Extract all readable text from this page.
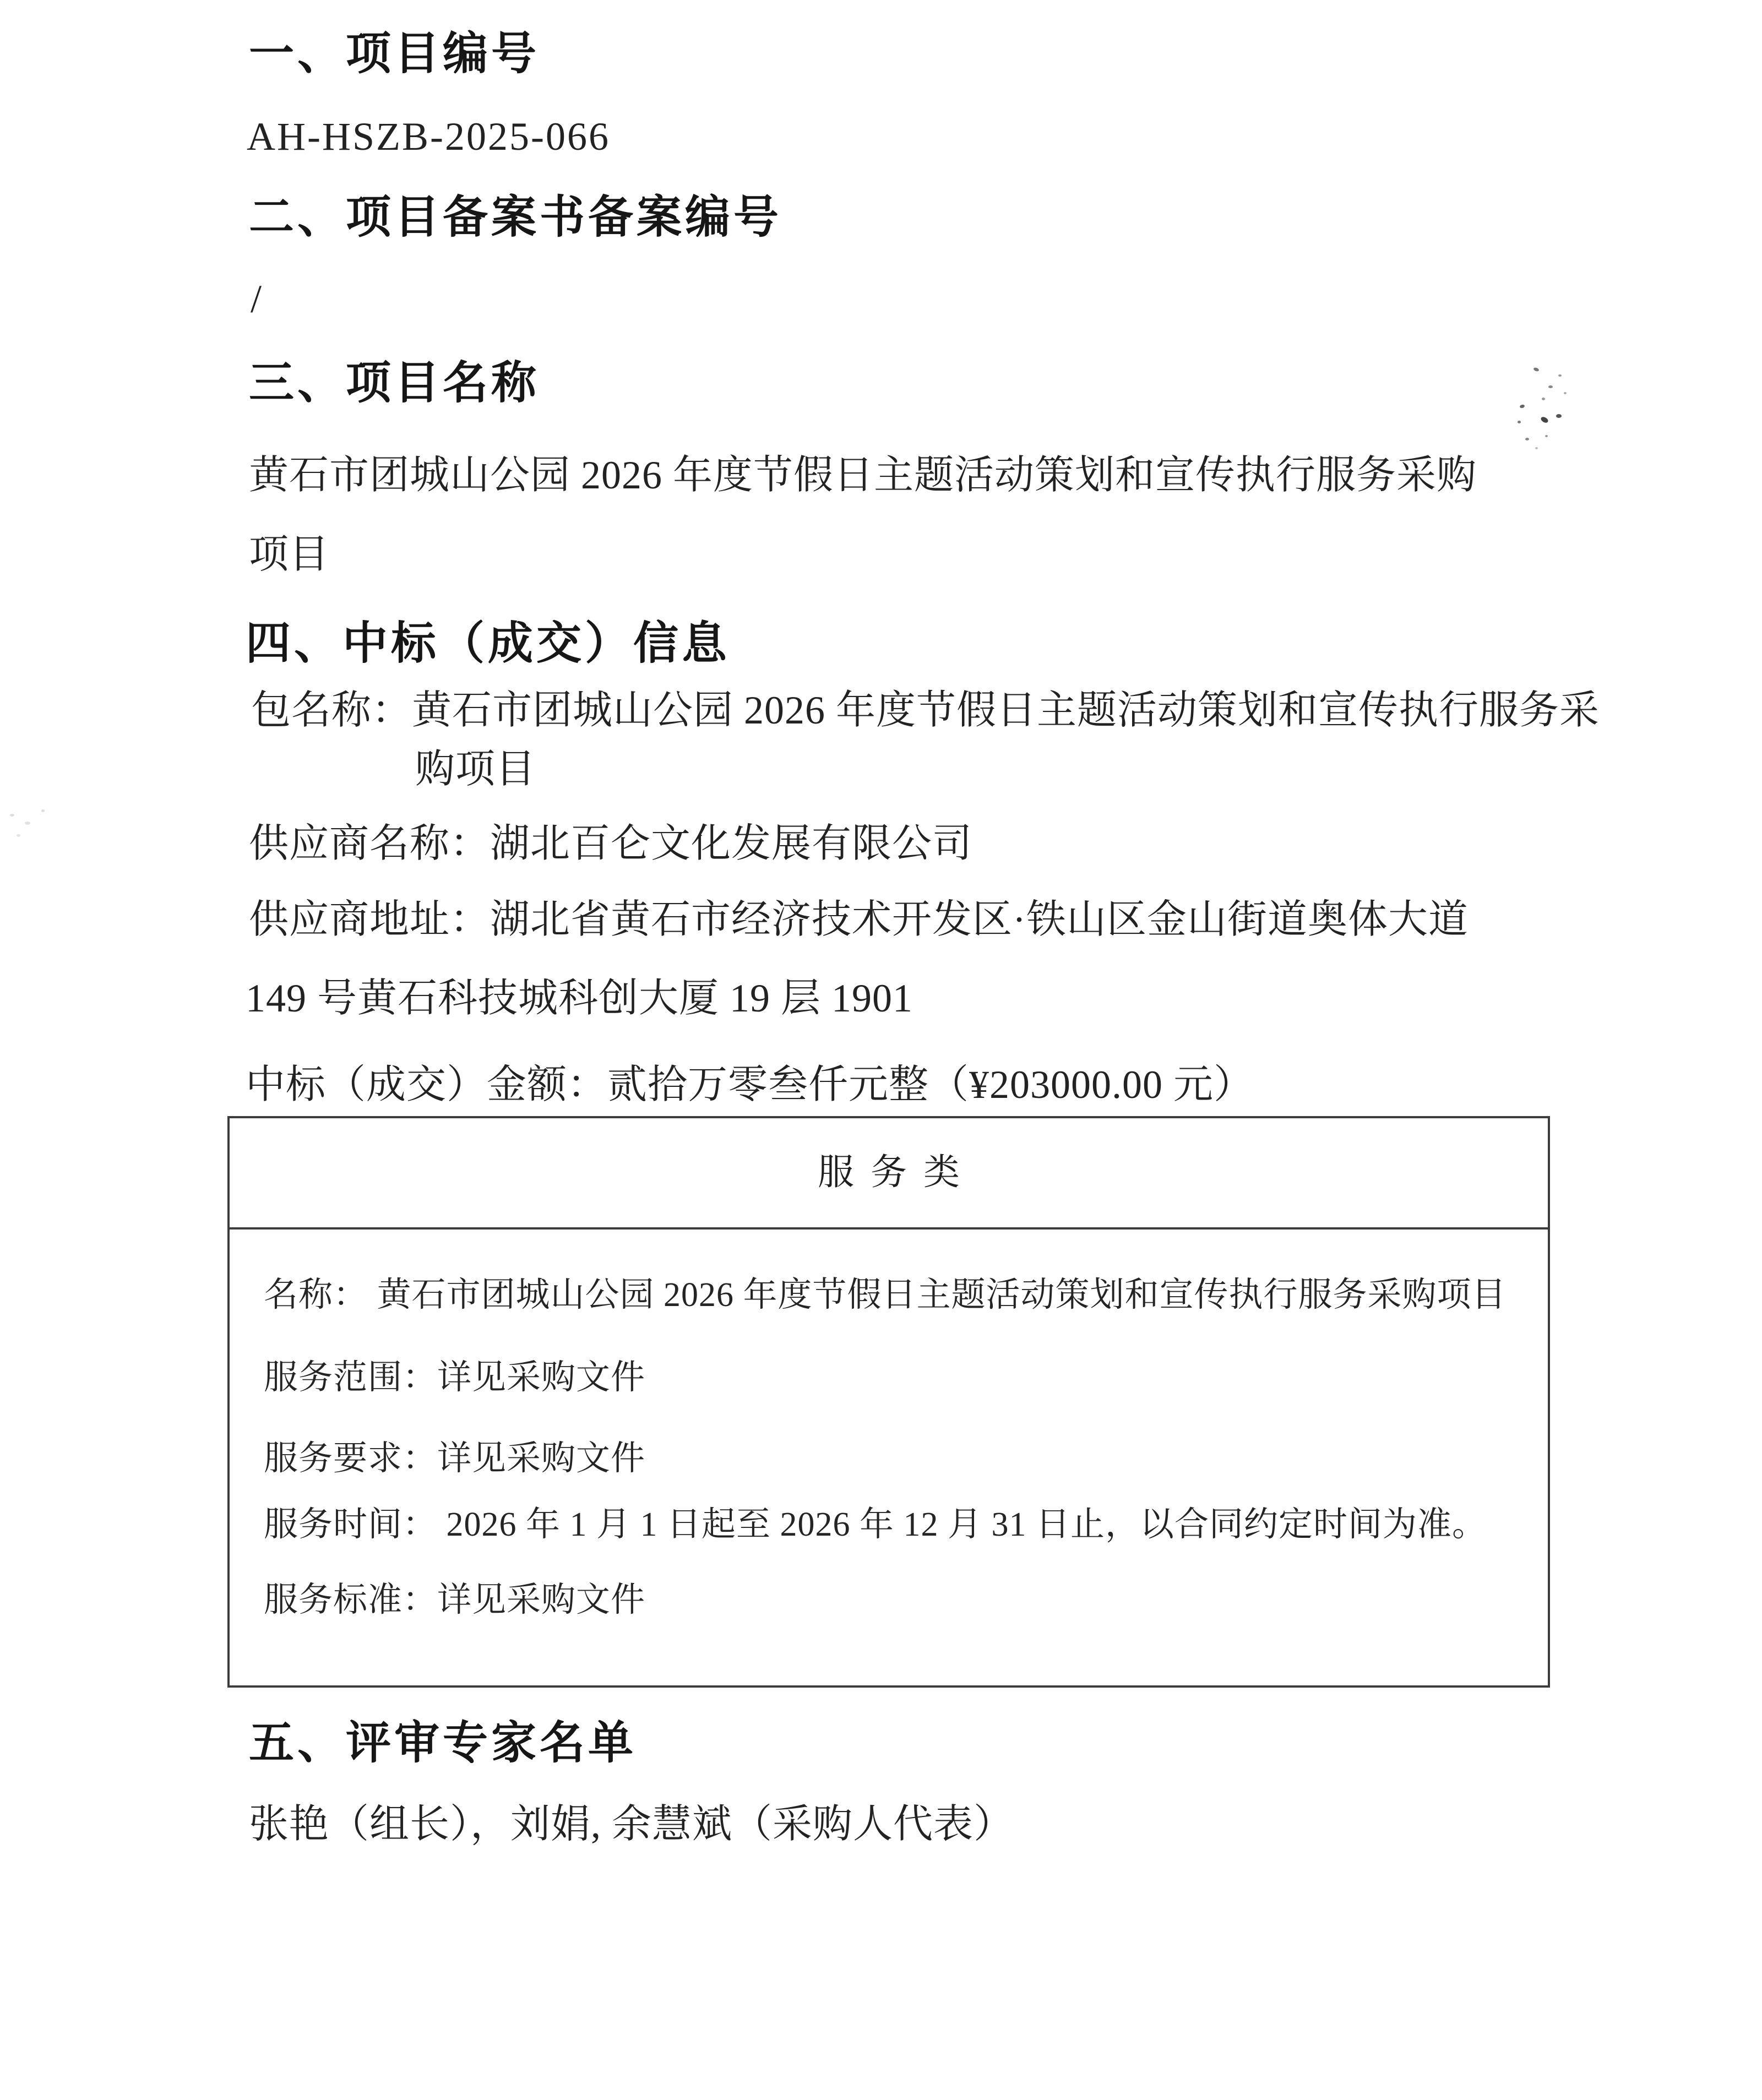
一、项目编号
AH-HSZB-2025-066
二、项目备案书备案编号
/
三、项目名称
黄石市团城山公园 2026 年度节假日主题活动策划和宣传执行服务采购
项目
四、中标（成交）信息
包名称：黄石市团城山公园 2026 年度节假日主题活动策划和宣传执行服务采
购项目
供应商名称：湖北百仑文化发展有限公司
供应商地址：湖北省黄石市经济技术开发区·铁山区金山街道奥体大道
149 号黄石科技城科创大厦 19 层 1901
中标（成交）金额：贰拾万零叁仟元整（¥203000.00 元）
服务类
名称： 黄石市团城山公园 2026 年度节假日主题活动策划和宣传执行服务采购项目
服务范围：详见采购文件
服务要求：详见采购文件
服务时间： 2026 年 1 月 1 日起至 2026 年 12 月 31 日止，以合同约定时间为准。
服务标准：详见采购文件
五、评审专家名单
张艳（组长），刘娟, 余慧斌（采购人代表）
